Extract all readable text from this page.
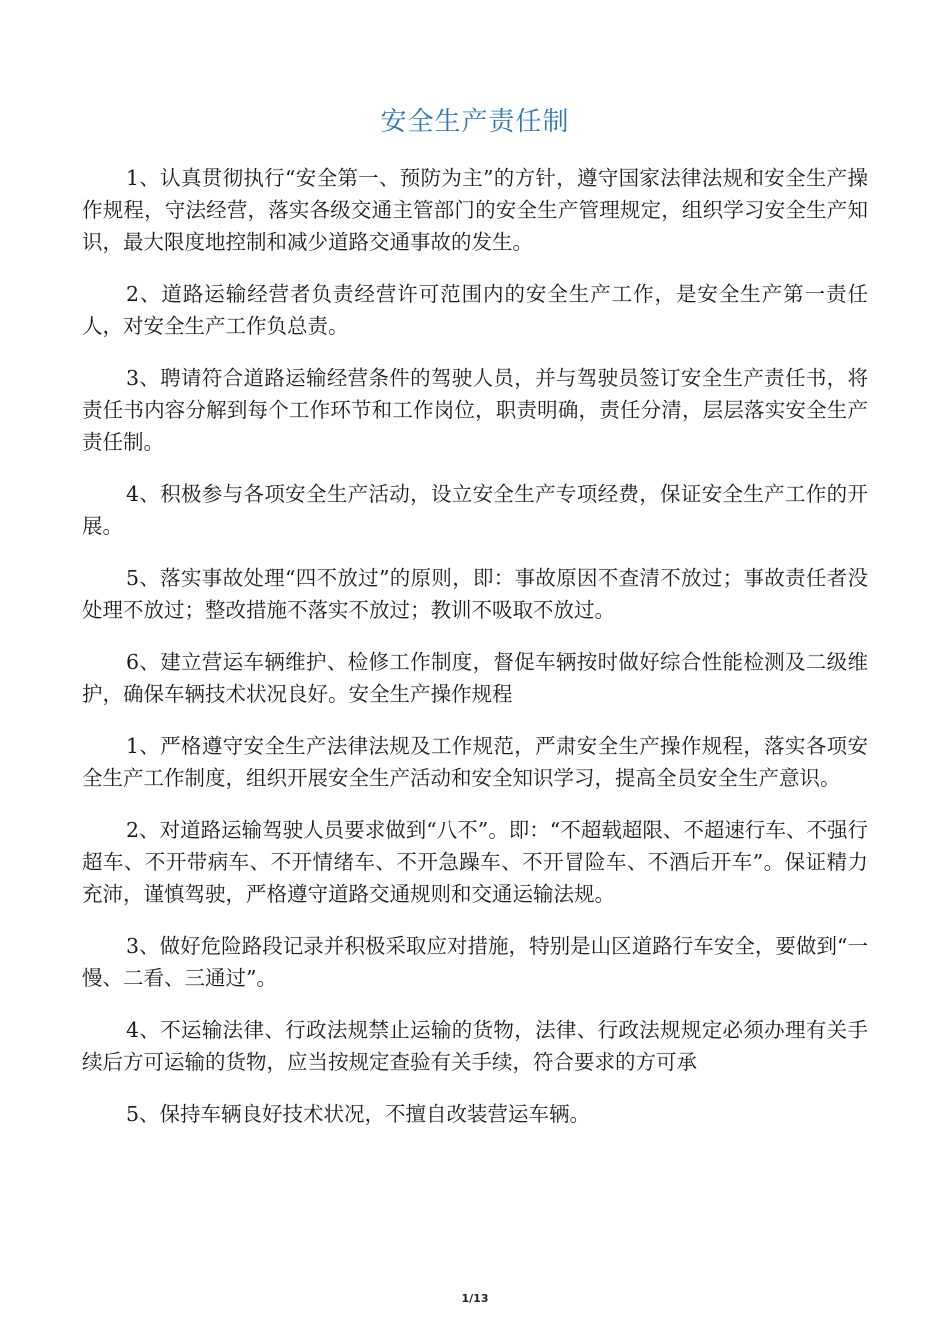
安全生产责任制

1、认真贯彻执行“安全第一、预防为主”的方针，遵守国家法律法规和安全生产操作规程，守法经营，落实各级交通主管部门的安全生产管理规定，组织学习安全生产知识，最大限度地控制和减少道路交通事故的发生。

2、道路运输经营者负责经营许可范围内的安全生产工作，是安全生产第一责任人，对安全生产工作负总责。

3、聘请符合道路运输经营条件的驾驶人员，并与驾驶员签订安全生产责任书，将责任书内容分解到每个工作环节和工作岗位，职责明确，责任分清，层层落实安全生产责任制。

4、积极参与各项安全生产活动，设立安全生产专项经费，保证安全生产工作的开展。

5、落实事故处理“四不放过”的原则，即：事故原因不查清不放过；事故责任者没处理不放过；整改措施不落实不放过；教训不吸取不放过。

6、建立营运车辆维护、检修工作制度，督促车辆按时做好综合性能检测及二级维护，确保车辆技术状况良好。安全生产操作规程

1、严格遵守安全生产法律法规及工作规范，严肃安全生产操作规程，落实各项安全生产工作制度，组织开展安全生产活动和安全知识学习，提高全员安全生产意识。

2、对道路运输驾驶人员要求做到“八不”。即：“不超载超限、不超速行车、不强行超车、不开带病车、不开情绪车、不开急躁车、不开冒险车、不酒后开车”。保证精力充沛，谨慎驾驶，严格遵守道路交通规则和交通运输法规。

3、做好危险路段记录并积极采取应对措施，特别是山区道路行车安全，要做到“一慢、二看、三通过”。

4、不运输法律、行政法规禁止运输的货物，法律、行政法规规定必须办理有关手续后方可运输的货物，应当按规定查验有关手续，符合要求的方可承

5、保持车辆良好技术状况，不擅自改装营运车辆。

1/13
